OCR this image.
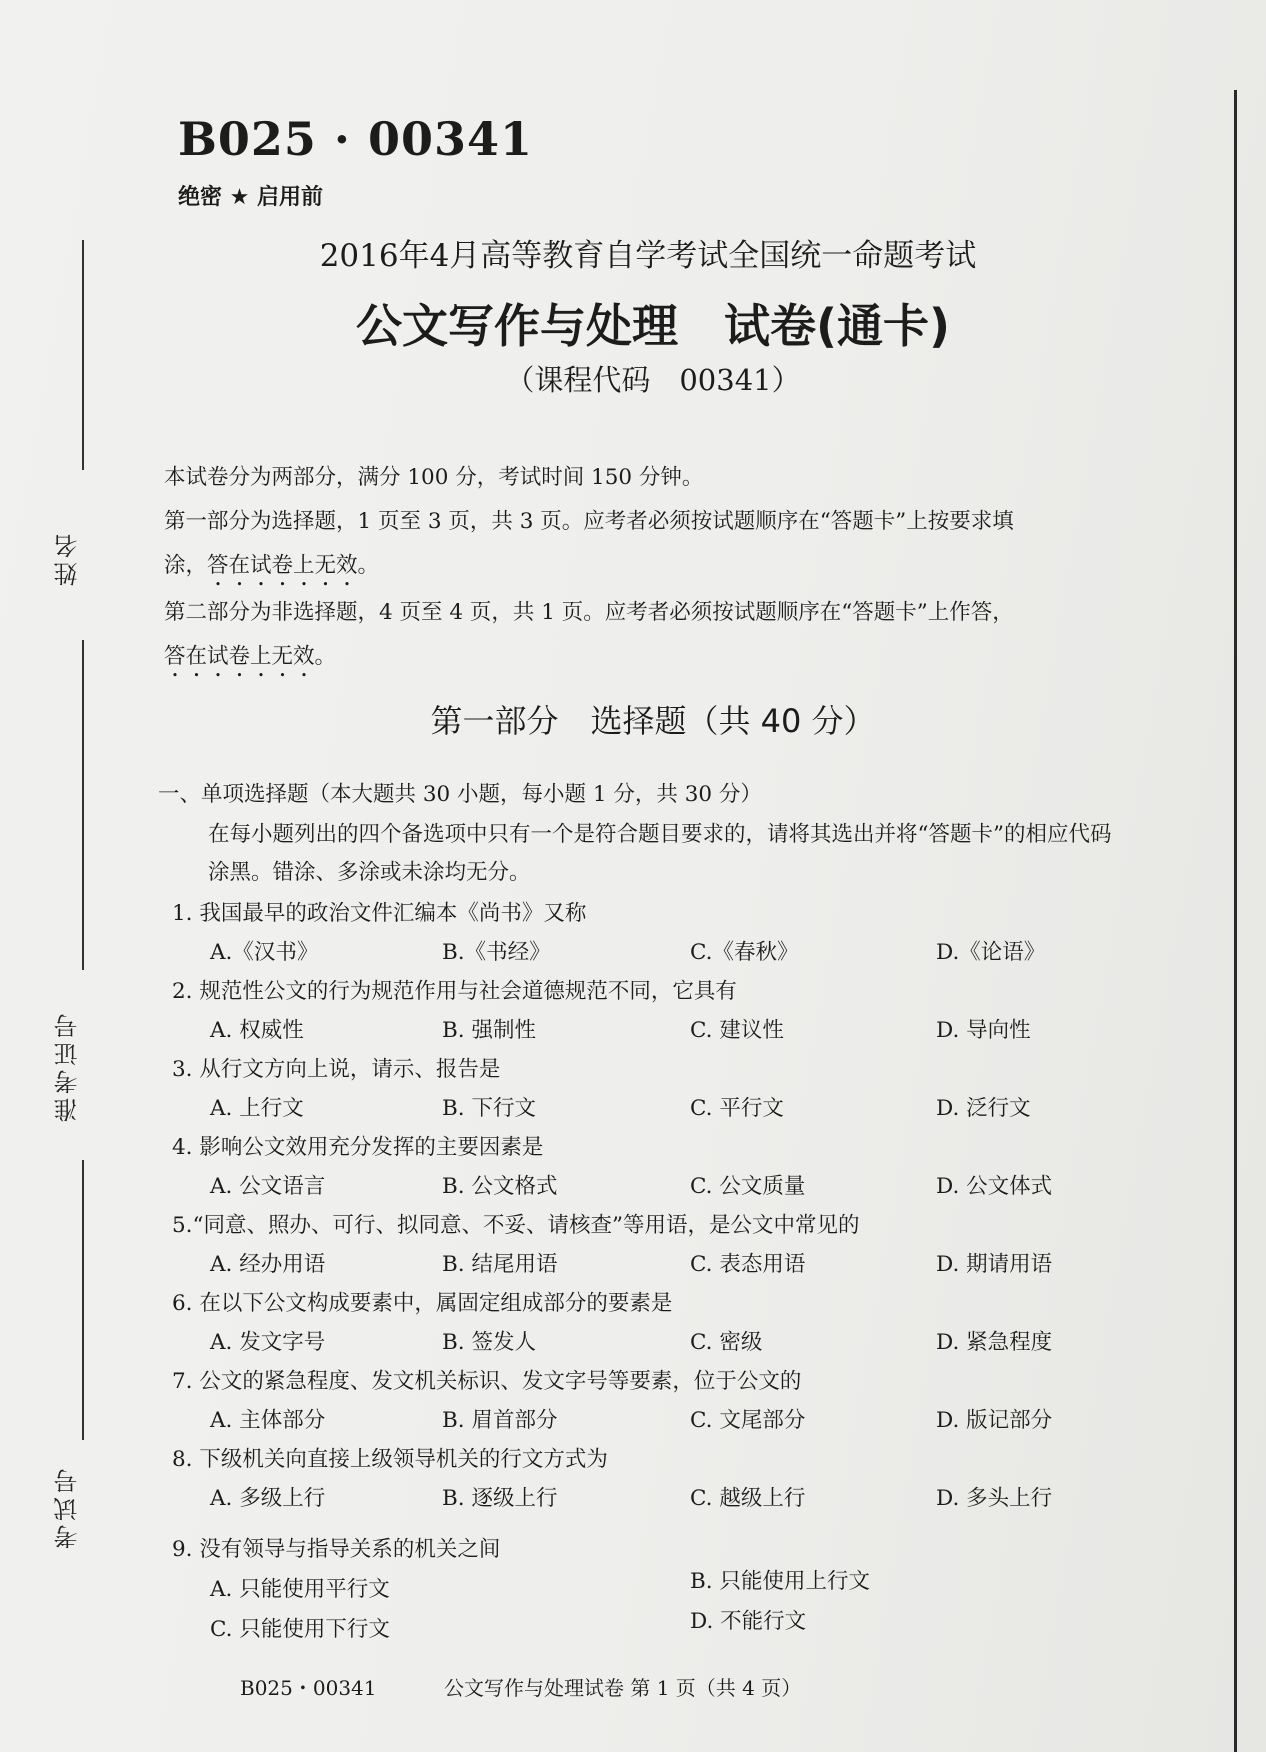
姓名
准考证号
考试号
B025 · 00341
绝密 ★ 启用前
2016年4月高等教育自学考试全国统一命题考试
公文写作与处理　试卷(通卡)
（课程代码　00341）

本试卷分为两部分，满分 100 分，考试时间 150 分钟。

第一部分为选择题，1 页至 3 页，共 3 页。应考者必须按试题顺序在“答题卡”上按要求填

涂，答在试卷上无效。

第二部分为非选择题，4 页至 4 页，共 1 页。应考者必须按试题顺序在“答题卡”上作答，

答在试卷上无效。

第一部分　选择题（共 40 分）
一、单项选择题（本大题共 30 小题，每小题 1 分，共 30 分）
在每小题列出的四个备选项中只有一个是符合题目要求的，请将其选出并将“答题卡”的相应代码涂黑。错涂、多涂或未涂均无分。
1. 我国最早的政治文件汇编本《尚书》又称
A.《汉书》	B.《书经》	C.《春秋》	D.《论语》
2. 规范性公文的行为规范作用与社会道德规范不同，它具有
A. 权威性	B. 强制性	C. 建议性	D. 导向性
3. 从行文方向上说，请示、报告是
A. 上行文	B. 下行文	C. 平行文	D. 泛行文
4. 影响公文效用充分发挥的主要因素是
A. 公文语言	B. 公文格式	C. 公文质量	D. 公文体式
5.“同意、照办、可行、拟同意、不妥、请核查”等用语，是公文中常见的
A. 经办用语	B. 结尾用语	C. 表态用语	D. 期请用语
6. 在以下公文构成要素中，属固定组成部分的要素是
A. 发文字号	B. 签发人	C. 密级	D. 紧急程度
7. 公文的紧急程度、发文机关标识、发文字号等要素，位于公文的
A. 主体部分	B. 眉首部分	C. 文尾部分	D. 版记部分
8. 下级机关向直接上级领导机关的行文方式为
A. 多级上行	B. 逐级上行	C. 越级上行	D. 多头上行
9. 没有领导与指导关系的机关之间
A. 只能使用平行文	B. 只能使用上行文
C. 只能使用下行文	D. 不能行文
B025・00341	公文写作与处理试卷 第 1 页（共 4 页）
